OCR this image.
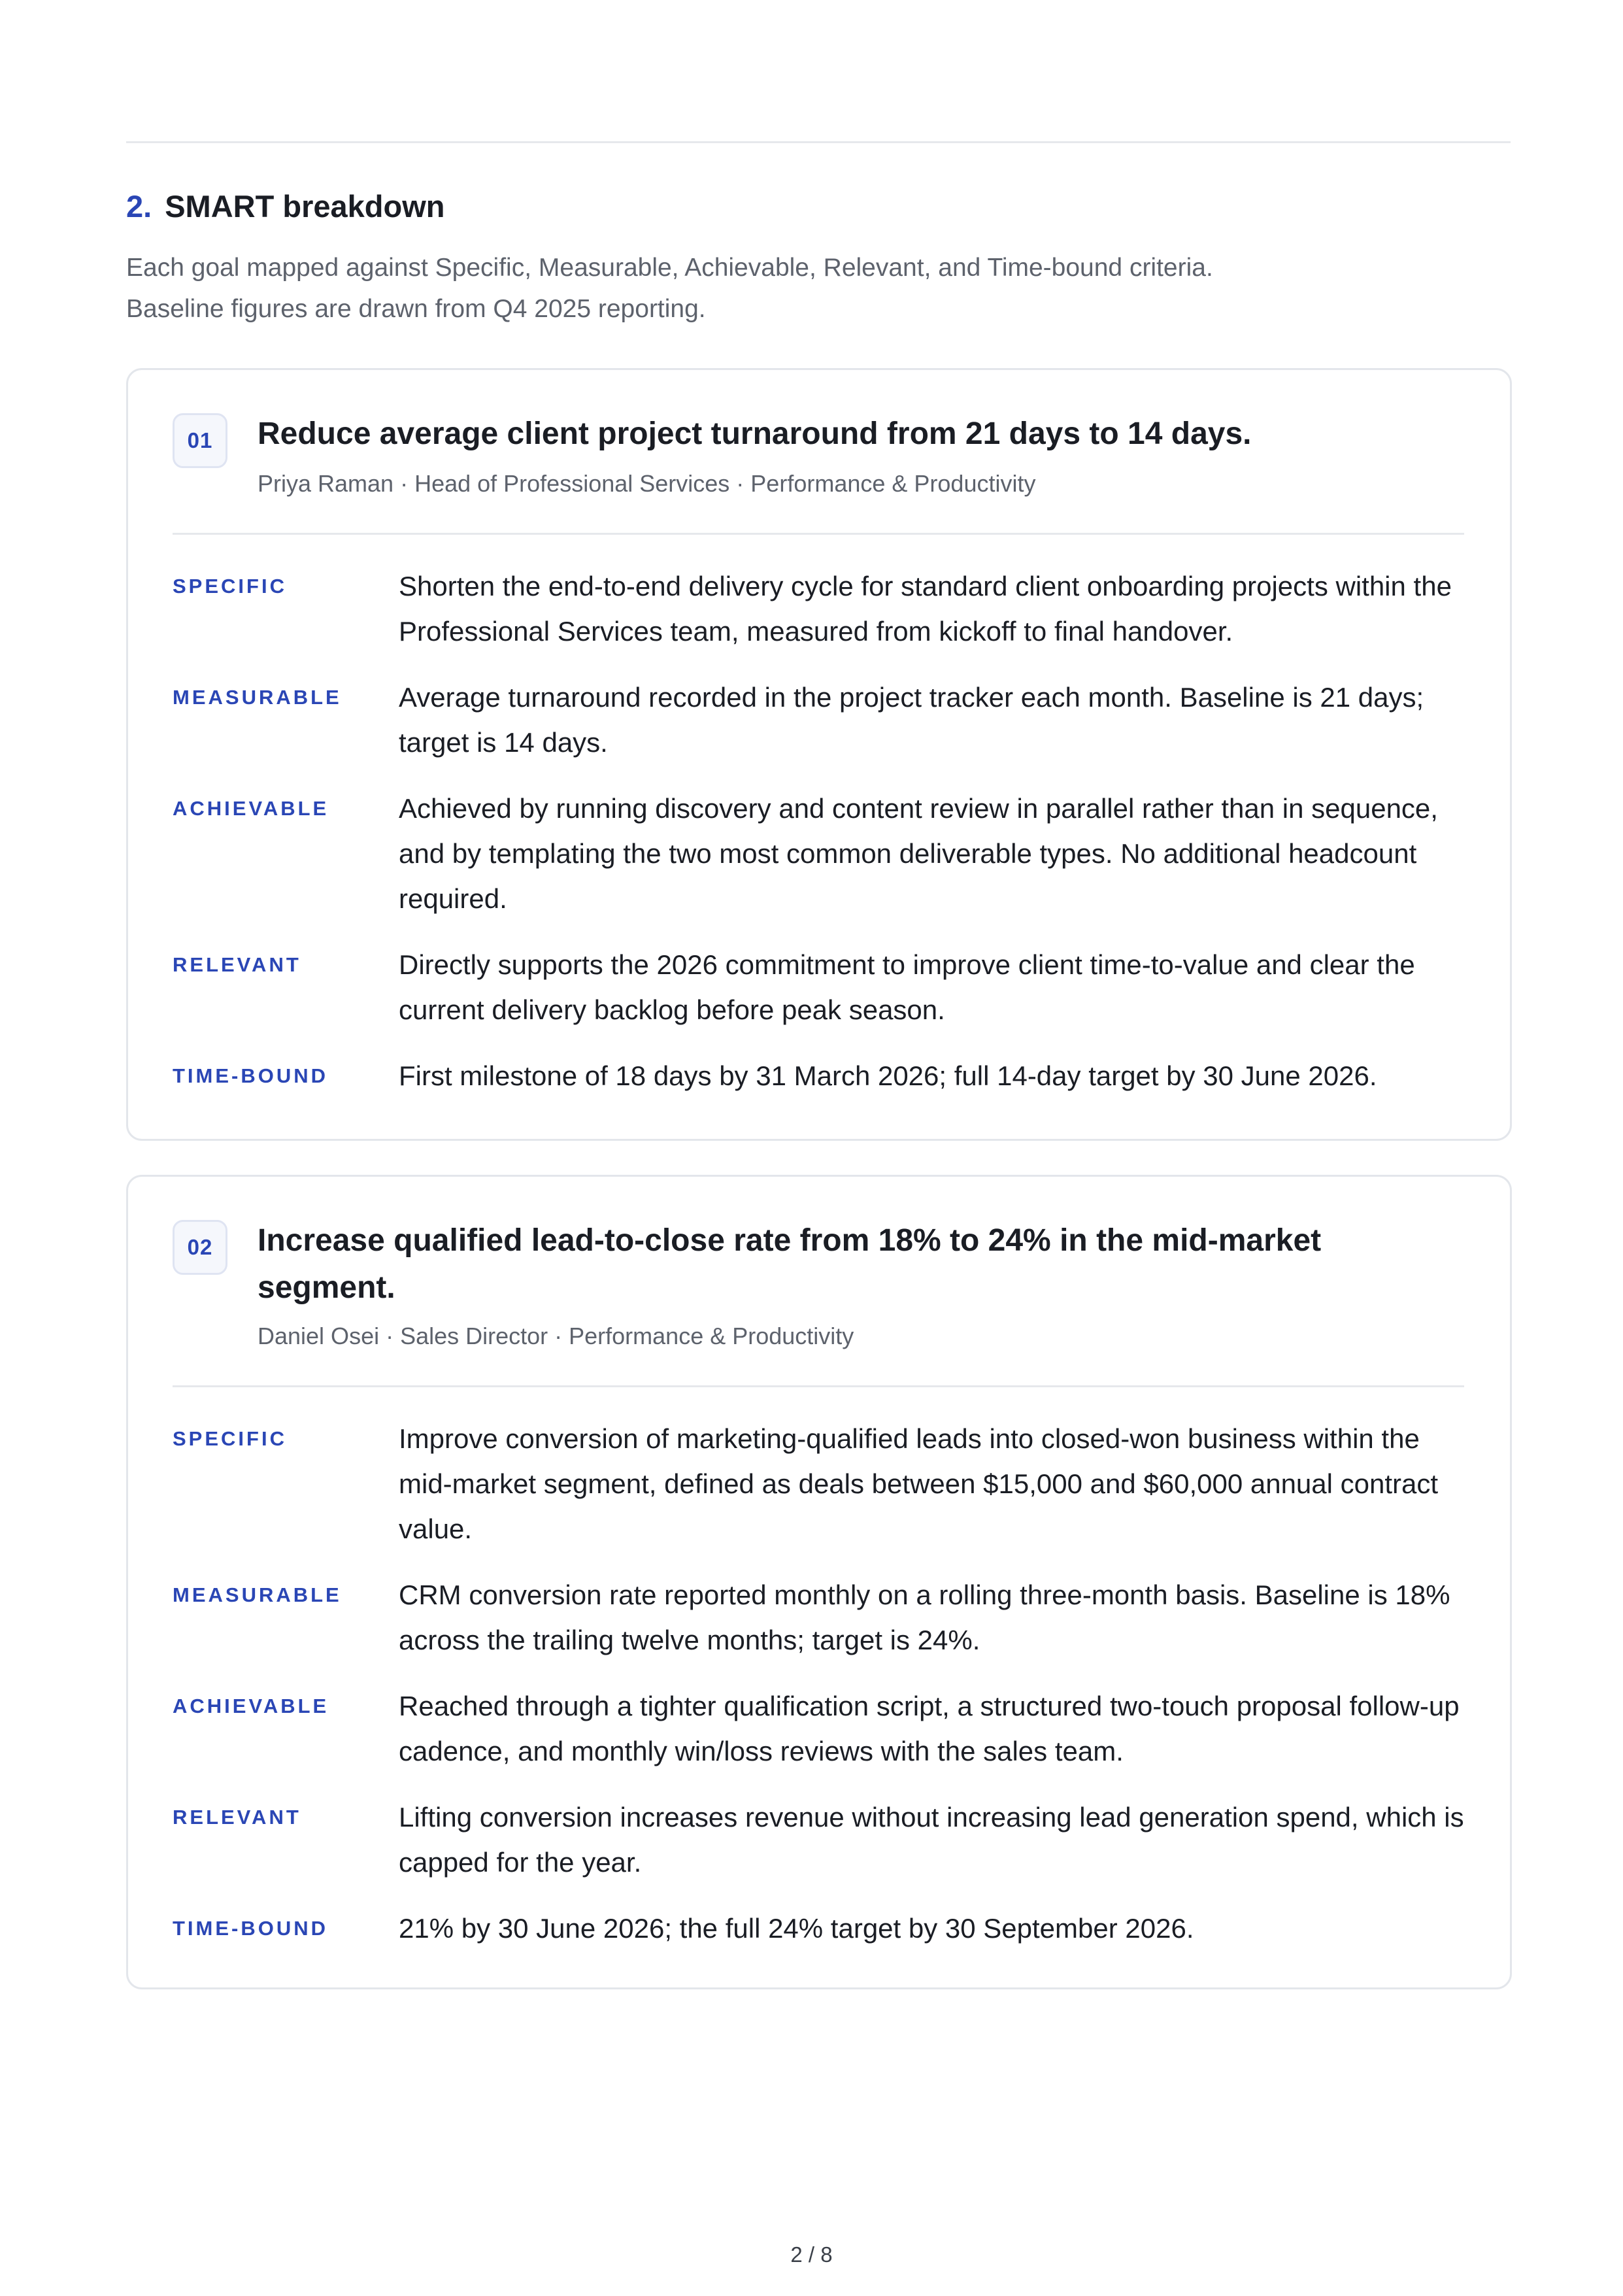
2. SMART breakdown

Each goal mapped against Specific, Measurable, Achievable, Relevant, and Time-bound criteria. Baseline figures are drawn from Q4 2025 reporting.

01	Reduce average client project turnaround from 21 days to 14 days.
Priya Raman · Head of Professional Services · Performance & Productivity
SPECIFIC	Shorten the end-to-end delivery cycle for standard client onboarding projects within the Professional Services team, measured from kickoff to final handover.
MEASURABLE	Average turnaround recorded in the project tracker each month. Baseline is 21 days; target is 14 days.
ACHIEVABLE	Achieved by running discovery and content review in parallel rather than in sequence, and by templating the two most common deliverable types. No additional headcount required.
RELEVANT	Directly supports the 2026 commitment to improve client time-to-value and clear the current delivery backlog before peak season.
TIME-BOUND	First milestone of 18 days by 31 March 2026; full 14-day target by 30 June 2026.
02	Increase qualified lead-to-close rate from 18% to 24% in the mid-market segment.
Daniel Osei · Sales Director · Performance & Productivity
SPECIFIC	Improve conversion of marketing-qualified leads into closed-won business within the mid-market segment, defined as deals between $15,000 and $60,000 annual contract value.
MEASURABLE	CRM conversion rate reported monthly on a rolling three-month basis. Baseline is 18% across the trailing twelve months; target is 24%.
ACHIEVABLE	Reached through a tighter qualification script, a structured two-touch proposal follow-up cadence, and monthly win/loss reviews with the sales team.
RELEVANT	Lifting conversion increases revenue without increasing lead generation spend, which is capped for the year.
TIME-BOUND	21% by 30 June 2026; the full 24% target by 30 September 2026.
2 / 8
